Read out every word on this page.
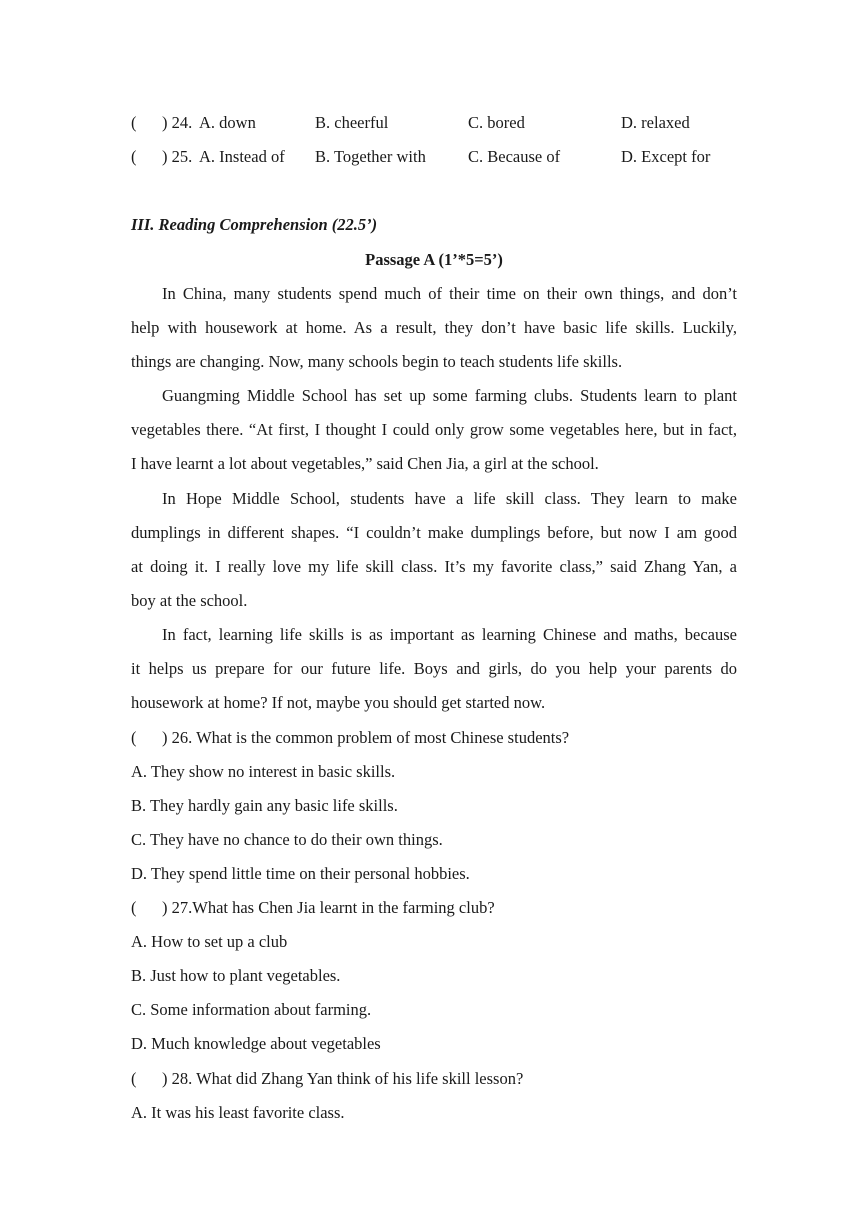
( ) 24. A. down	B. cheerful	C. bored	D. relaxed
( ) 25. A. Instead of B. Together with	C. Because of	D. Except for
III. Reading Comprehension (22.5’)
Passage A (1’*5=5’)
In China, many students spend much of their time on their own things, and don’t
help with housework at home. As a result, they don’t have basic life skills. Luckily,
things are changing. Now, many schools begin to teach students life skills.
Guangming Middle School has set up some farming clubs. Students learn to plant
vegetables there. “At first, I thought I could only grow some vegetables here, but in fact,
I have learnt a lot about vegetables,” said Chen Jia, a girl at the school.
In Hope Middle School, students have a life skill class. They learn to make
dumplings in different shapes. “I couldn’t make dumplings before, but now I am good
at doing it. I really love my life skill class. It’s my favorite class,” said Zhang Yan, a
boy at the school.
In fact, learning life skills is as important as learning Chinese and maths, because
it helps us prepare for our future life. Boys and girls, do you help your parents do
housework at home? If not, maybe you should get started now.
( ) 26. What is the common problem of most Chinese students?
A. They show no interest in basic skills.
B. They hardly gain any basic life skills.
C. They have no chance to do their own things.
D. They spend little time on their personal hobbies.
( ) 27.What has Chen Jia learnt in the farming club?
A. How to set up a club
B. Just how to plant vegetables.
C. Some information about farming.
D. Much knowledge about vegetables
( ) 28. What did Zhang Yan think of his life skill lesson?
A. It was his least favorite class.
